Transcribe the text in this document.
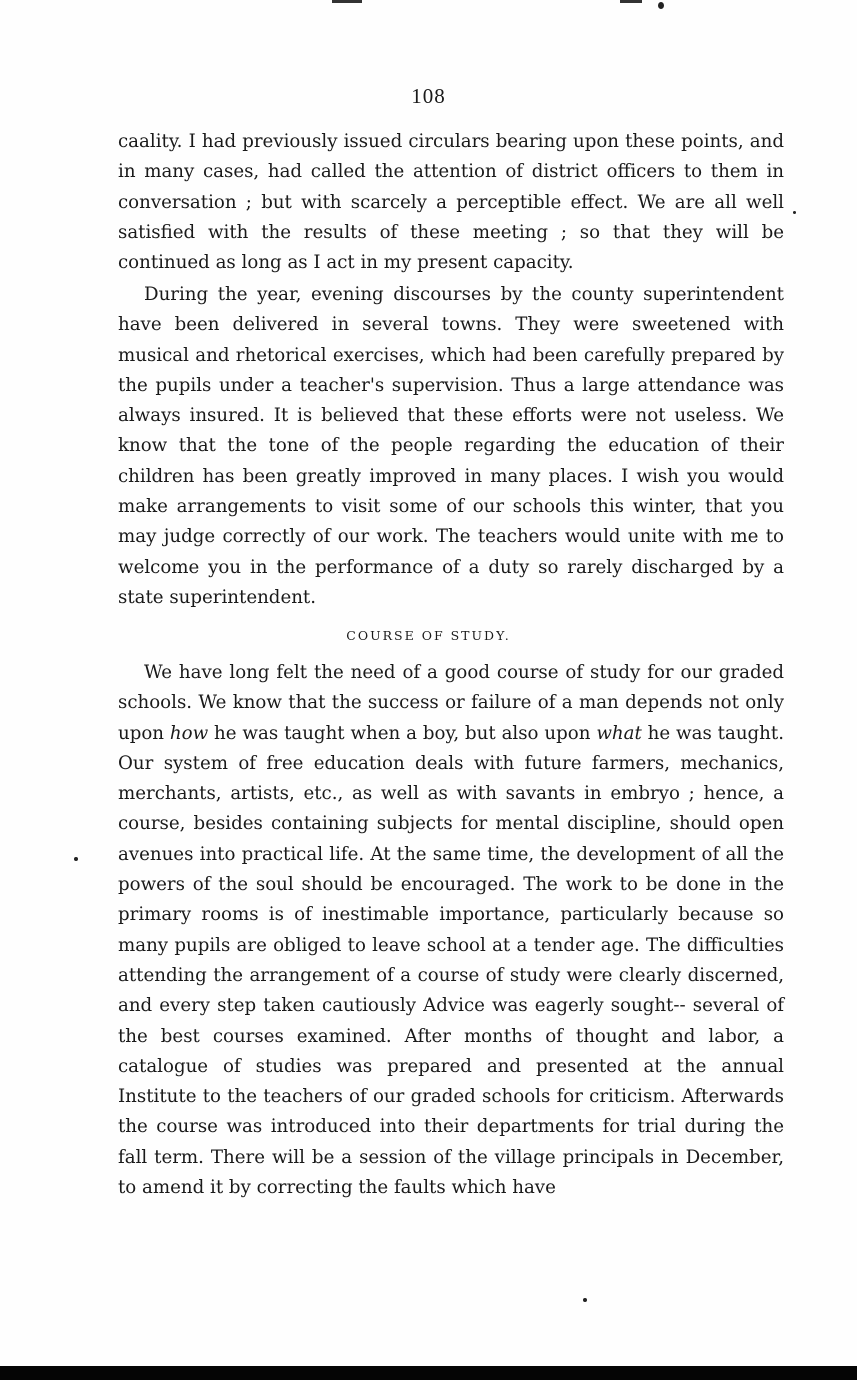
108

caality. I had previously issued circulars bearing upon these points, and in many cases, had called the attention of district officers to them in conversation ; but with scarcely a perceptible effect. We are all well satisfied with the results of these meeting ; so that they will be continued as long as I act in my present capacity.

During the year, evening discourses by the county superintendent have been delivered in several towns. They were sweetened with musical and rhetorical exercises, which had been carefully prepared by the pupils under a teacher's supervision. Thus a large attendance was always insured. It is believed that these efforts were not useless. We know that the tone of the people regarding the education of their children has been greatly improved in many places. I wish you would make arrangements to visit some of our schools this winter, that you may judge correctly of our work. The teachers would unite with me to welcome you in the performance of a duty so rarely discharged by a state superintendent.

COURSE OF STUDY.

We have long felt the need of a good course of study for our graded schools. We know that the success or failure of a man depends not only upon how he was taught when a boy, but also upon what he was taught. Our system of free education deals with future farmers, mechanics, merchants, artists, etc., as well as with savants in embryo ; hence, a course, besides containing subjects for mental discipline, should open avenues into practical life. At the same time, the development of all the powers of the soul should be encouraged. The work to be done in the primary rooms is of inestimable importance, particularly because so many pupils are obliged to leave school at a tender age. The difficulties attending the arrangement of a course of study were clearly discerned, and every step taken cautiously Advice was eagerly sought-- several of the best courses examined. After months of thought and labor, a catalogue of studies was prepared and presented at the annual Institute to the teachers of our graded schools for criticism. Afterwards the course was introduced into their departments for trial during the fall term. There will be a session of the village principals in December, to amend it by correcting the faults which have
